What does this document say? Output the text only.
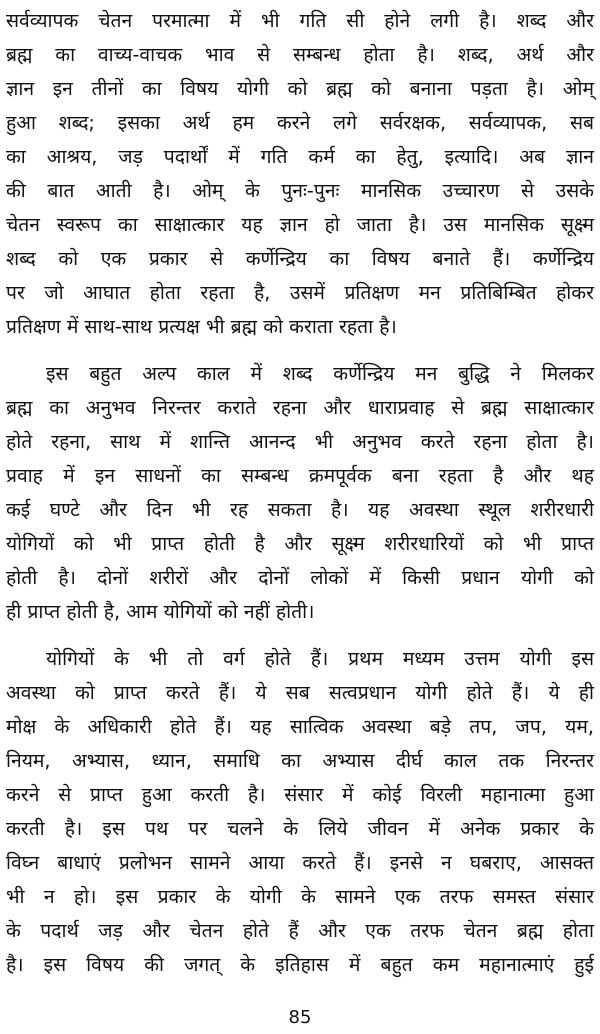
सर्वव्यापक चेतन परमात्मा में भी गति सी होने लगी है। शब्द और
ब्रह्म का वाच्य-वाचक भाव से सम्बन्ध होता है। शब्द, अर्थ और
ज्ञान इन तीनों का विषय योगी को ब्रह्म को बनाना पड़ता है। ओम्
हुआ शब्द; इसका अर्थ हम करने लगे सर्वरक्षक, सर्वव्यापक, सब
का आश्रय, जड़ पदार्थों में गति कर्म का हेतु, इत्यादि। अब ज्ञान
की बात आती है। ओम् के पुनः-पुनः मानसिक उच्चारण से उसके
चेतन स्वरूप का साक्षात्कार यह ज्ञान हो जाता है। उस मानसिक सूक्ष्म
शब्द को एक प्रकार से कर्णेन्द्रिय का विषय बनाते हैं। कर्णेन्द्रिय
पर जो आघात होता रहता है, उसमें प्रतिक्षण मन प्रतिबिम्बित होकर
प्रतिक्षण में साथ-साथ प्रत्यक्ष भी ब्रह्म को कराता रहता है।

इस बहुत अल्प काल में शब्द कर्णेन्द्रिय मन बुद्धि ने मिलकर
ब्रह्म का अनुभव निरन्तर कराते रहना और धाराप्रवाह से ब्रह्म साक्षात्कार
होते रहना, साथ में शान्ति आनन्द भी अनुभव करते रहना होता है।
प्रवाह में इन साधनों का सम्बन्ध क्रमपूर्वक बना रहता है और थह
कई घण्टे और दिन भी रह सकता है। यह अवस्था स्थूल शरीरधारी
योगियों को भी प्राप्त होती है और सूक्ष्म शरीरधारियों को भी प्राप्त
होती है। दोनों शरीरों और दोनों लोकों में किसी प्रधान योगी को
ही प्राप्त होती है, आम योगियों को नहीं होती।

योगियों के भी तो वर्ग होते हैं। प्रथम मध्यम उत्तम योगी इस
अवस्था को प्राप्त करते हैं। ये सब सत्वप्रधान योगी होते हैं। ये ही
मोक्ष के अधिकारी होते हैं। यह सात्विक अवस्था बड़े तप, जप, यम,
नियम, अभ्यास, ध्यान, समाधि का अभ्यास दीर्घ काल तक निरन्तर
करने से प्राप्त हुआ करती है। संसार में कोई विरली महानात्मा हुआ
करती है। इस पथ पर चलने के लिये जीवन में अनेक प्रकार के
विघ्न बाधाएं प्रलोभन सामने आया करते हैं। इनसे न घबराए, आसक्त
भी न हो। इस प्रकार के योगी के सामने एक तरफ समस्त संसार
के पदार्थ जड़ और चेतन होते हैं और एक तरफ चेतन ब्रह्म होता
है। इस विषय की जगत् के इतिहास में बहुत कम महानात्माएं हुई

85
